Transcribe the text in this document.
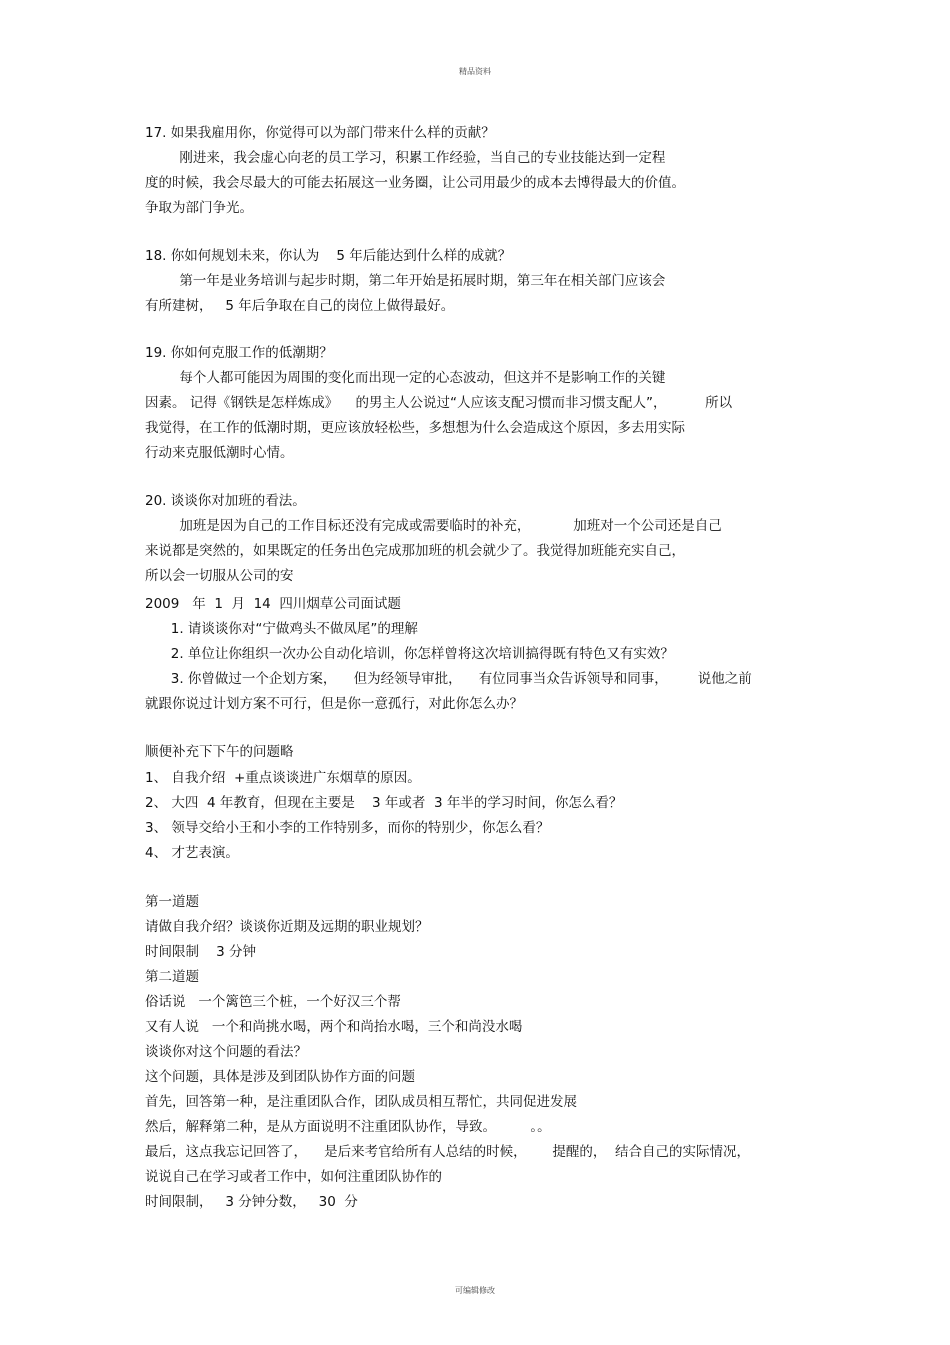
精品资料
17. 如果我雇用你，你觉得可以为部门带来什么样的贡献？
刚进来，我会虚心向老的员工学习，积累工作经验，当自己的专业技能达到一定程
度的时候，我会尽最大的可能去拓展这一业务圈，让公司用最少的成本去博得最大的价值。
争取为部门争光。
18. 你如何规划未来，你认为    5 年后能达到什么样的成就？
第一年是业务培训与起步时期，第二年开始是拓展时期，第三年在相关部门应该会
有所建树，   5 年后争取在自己的岗位上做得最好。
19. 你如何克服工作的低潮期？
每个人都可能因为周围的变化而出现一定的心态波动，但这并不是影响工作的关键
因素。 记得《钢铁是怎样炼成》    的男主人公说过“人应该支配习惯而非习惯支配人”，         所以
我觉得，在工作的低潮时期，更应该放轻松些，多想想为什么会造成这个原因，多去用实际
行动来克服低潮时心情。
20. 谈谈你对加班的看法。
加班是因为自己的工作目标还没有完成或需要临时的补充，          加班对一个公司还是自己
来说都是突然的，如果既定的任务出色完成那加班的机会就少了。我觉得加班能充实自己，
所以会一切服从公司的安
2009   年  1  月  14  四川烟草公司面试题
1. 请谈谈你对“宁做鸡头不做凤尾”的理解
2. 单位让你组织一次办公自动化培训，你怎样曾将这次培训搞得既有特色又有实效？
3. 你曾做过一个企划方案，    但为经领导审批，    有位同事当众告诉领导和同事，       说他之前
就跟你说过计划方案不可行，但是你一意孤行，对此你怎么办？
顺便补充下下午的问题略
1、 自我介绍  +重点谈谈进广东烟草的原因。
2、 大四  4 年教育，但现在主要是    3 年或者  3 年半的学习时间，你怎么看？
3、 领导交给小王和小李的工作特别多，而你的特别少，你怎么看？
4、 才艺表演。
第一道题
请做自我介绍？谈谈你近期及远期的职业规划？
时间限制    3 分钟
第二道题
俗话说   一个篱笆三个桩，一个好汉三个帮
又有人说   一个和尚挑水喝，两个和尚抬水喝，三个和尚没水喝
谈谈你对这个问题的看法？
这个问题，具体是涉及到团队协作方面的问题
首先，回答第一种，是注重团队合作，团队成员相互帮忙，共同促进发展
然后，解释第二种，是从方面说明不注重团队协作，导致。        。。
最后，这点我忘记回答了，    是后来考官给所有人总结的时候，      提醒的，  结合自己的实际情况，
说说自己在学习或者工作中，如何注重团队协作的
时间限制，   3 分钟分数，   30  分
可编辑修改
